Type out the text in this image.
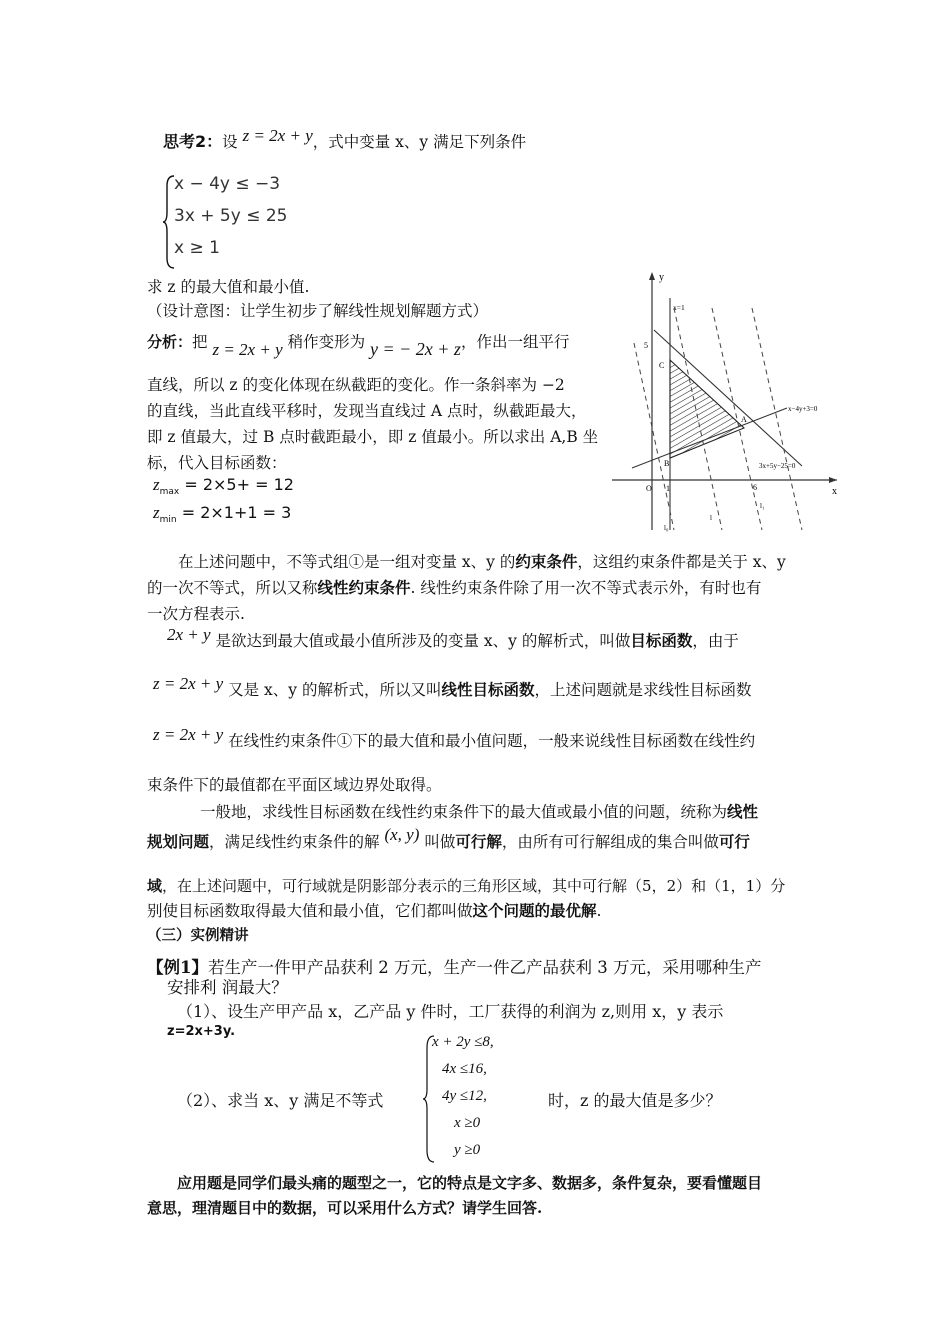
思考2：设 z = 2x + y，式中变量 x、y 满足下列条件
x − 4y ≤ −3
3x + 5y ≤ 25
x ≥ 1
求 z 的最大值和最小值.
（设计意图：让学生初步了解线性规划解题方式）
分析：把 z = 2x + y 稍作变形为 y = − 2x + z，作出一组平行
直线，所以 z 的变化体现在纵截距的变化。作一条斜率为 −2
的直线，当此直线平移时，发现当直线过 A 点时，纵截距最大，
即 z 值最大，过 B 点时截距最小，即 z 值最小。所以求出 A,B 坐
标，代入目标函数：
$z_{max} = 2\times 5+ = 12$
$z_{min} = 2\times 1+1 = 3$
y
x
O 1	6
5
x=1
x−4y+3=0
3x+5y−25=0
C
A
B
l₀
l
l₁
在上述问题中，不等式组①是一组对变量 x、y 的约束条件，这组约束条件都是关于 x、y
的一次不等式，所以又称线性约束条件. 线性约束条件除了用一次不等式表示外，有时也有
一次方程表示.
2x + y 是欲达到最大值或最小值所涉及的变量 x、y 的解析式，叫做目标函数，由于
z = 2x + y 又是 x、y 的解析式，所以又叫线性目标函数，上述问题就是求线性目标函数
z = 2x + y 在线性约束条件①下的最大值和最小值问题，一般来说线性目标函数在线性约
束条件下的最值都在平面区域边界处取得。
一般地，求线性目标函数在线性约束条件下的最大值或最小值的问题，统称为线性
规划问题，满足线性约束条件的解 (x, y) 叫做可行解，由所有可行解组成的集合叫做可行
域，在上述问题中，可行域就是阴影部分表示的三角形区域，其中可行解（5，2）和（1，1）分
别使目标函数取得最大值和最小值，它们都叫做这个问题的最优解.
（三）实例精讲
【例1】若生产一件甲产品获利 2 万元，生产一件乙产品获利 3 万元，采用哪种生产
安排利 润最大？
（1）、设生产甲产品 x，乙产品 y 件时，工厂获得的利润为 z,则用 x，y 表示
z=2x+3y.
x + 2y ≤8,
4x ≤16,
4y ≤12,
x ≥0
y ≥0
（2）、求当 x、y 满足不等式	时，z 的最大值是多少？
应用题是同学们最头痛的题型之一，它的特点是文字多、数据多，条件复杂，要看懂题目
意思，理清题目中的数据，可以采用什么方式？请学生回答.
